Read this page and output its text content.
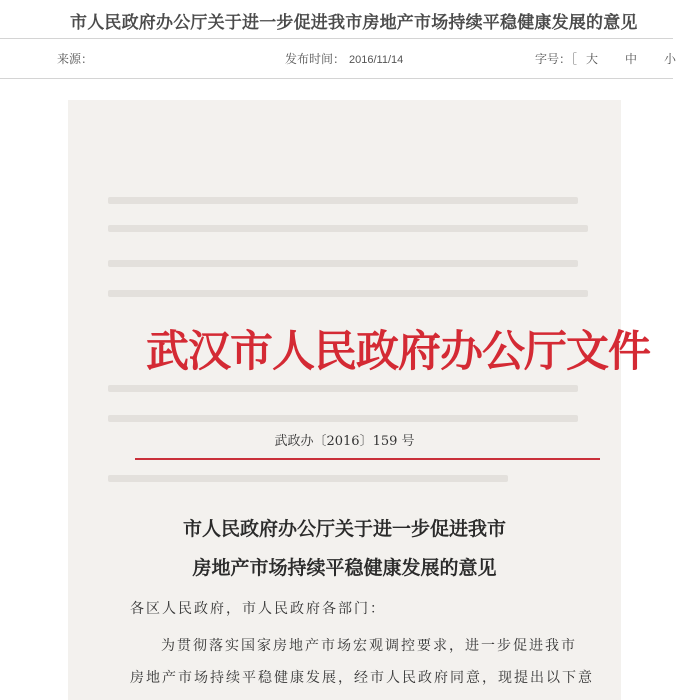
市人民政府办公厅关于进一步促进我市房地产市场持续平稳健康发展的意见
来源：	发布时间： 2016/11/14	字号：［ 大 中 小
武汉市人民政府办公厅文件
武政办〔2016〕159 号
市人民政府办公厅关于进一步促进我市
房地产市场持续平稳健康发展的意见
各区人民政府，市人民政府各部门：
为贯彻落实国家房地产市场宏观调控要求，进一步促进我市
房地产市场持续平稳健康发展，经市人民政府同意，现提出以下意
